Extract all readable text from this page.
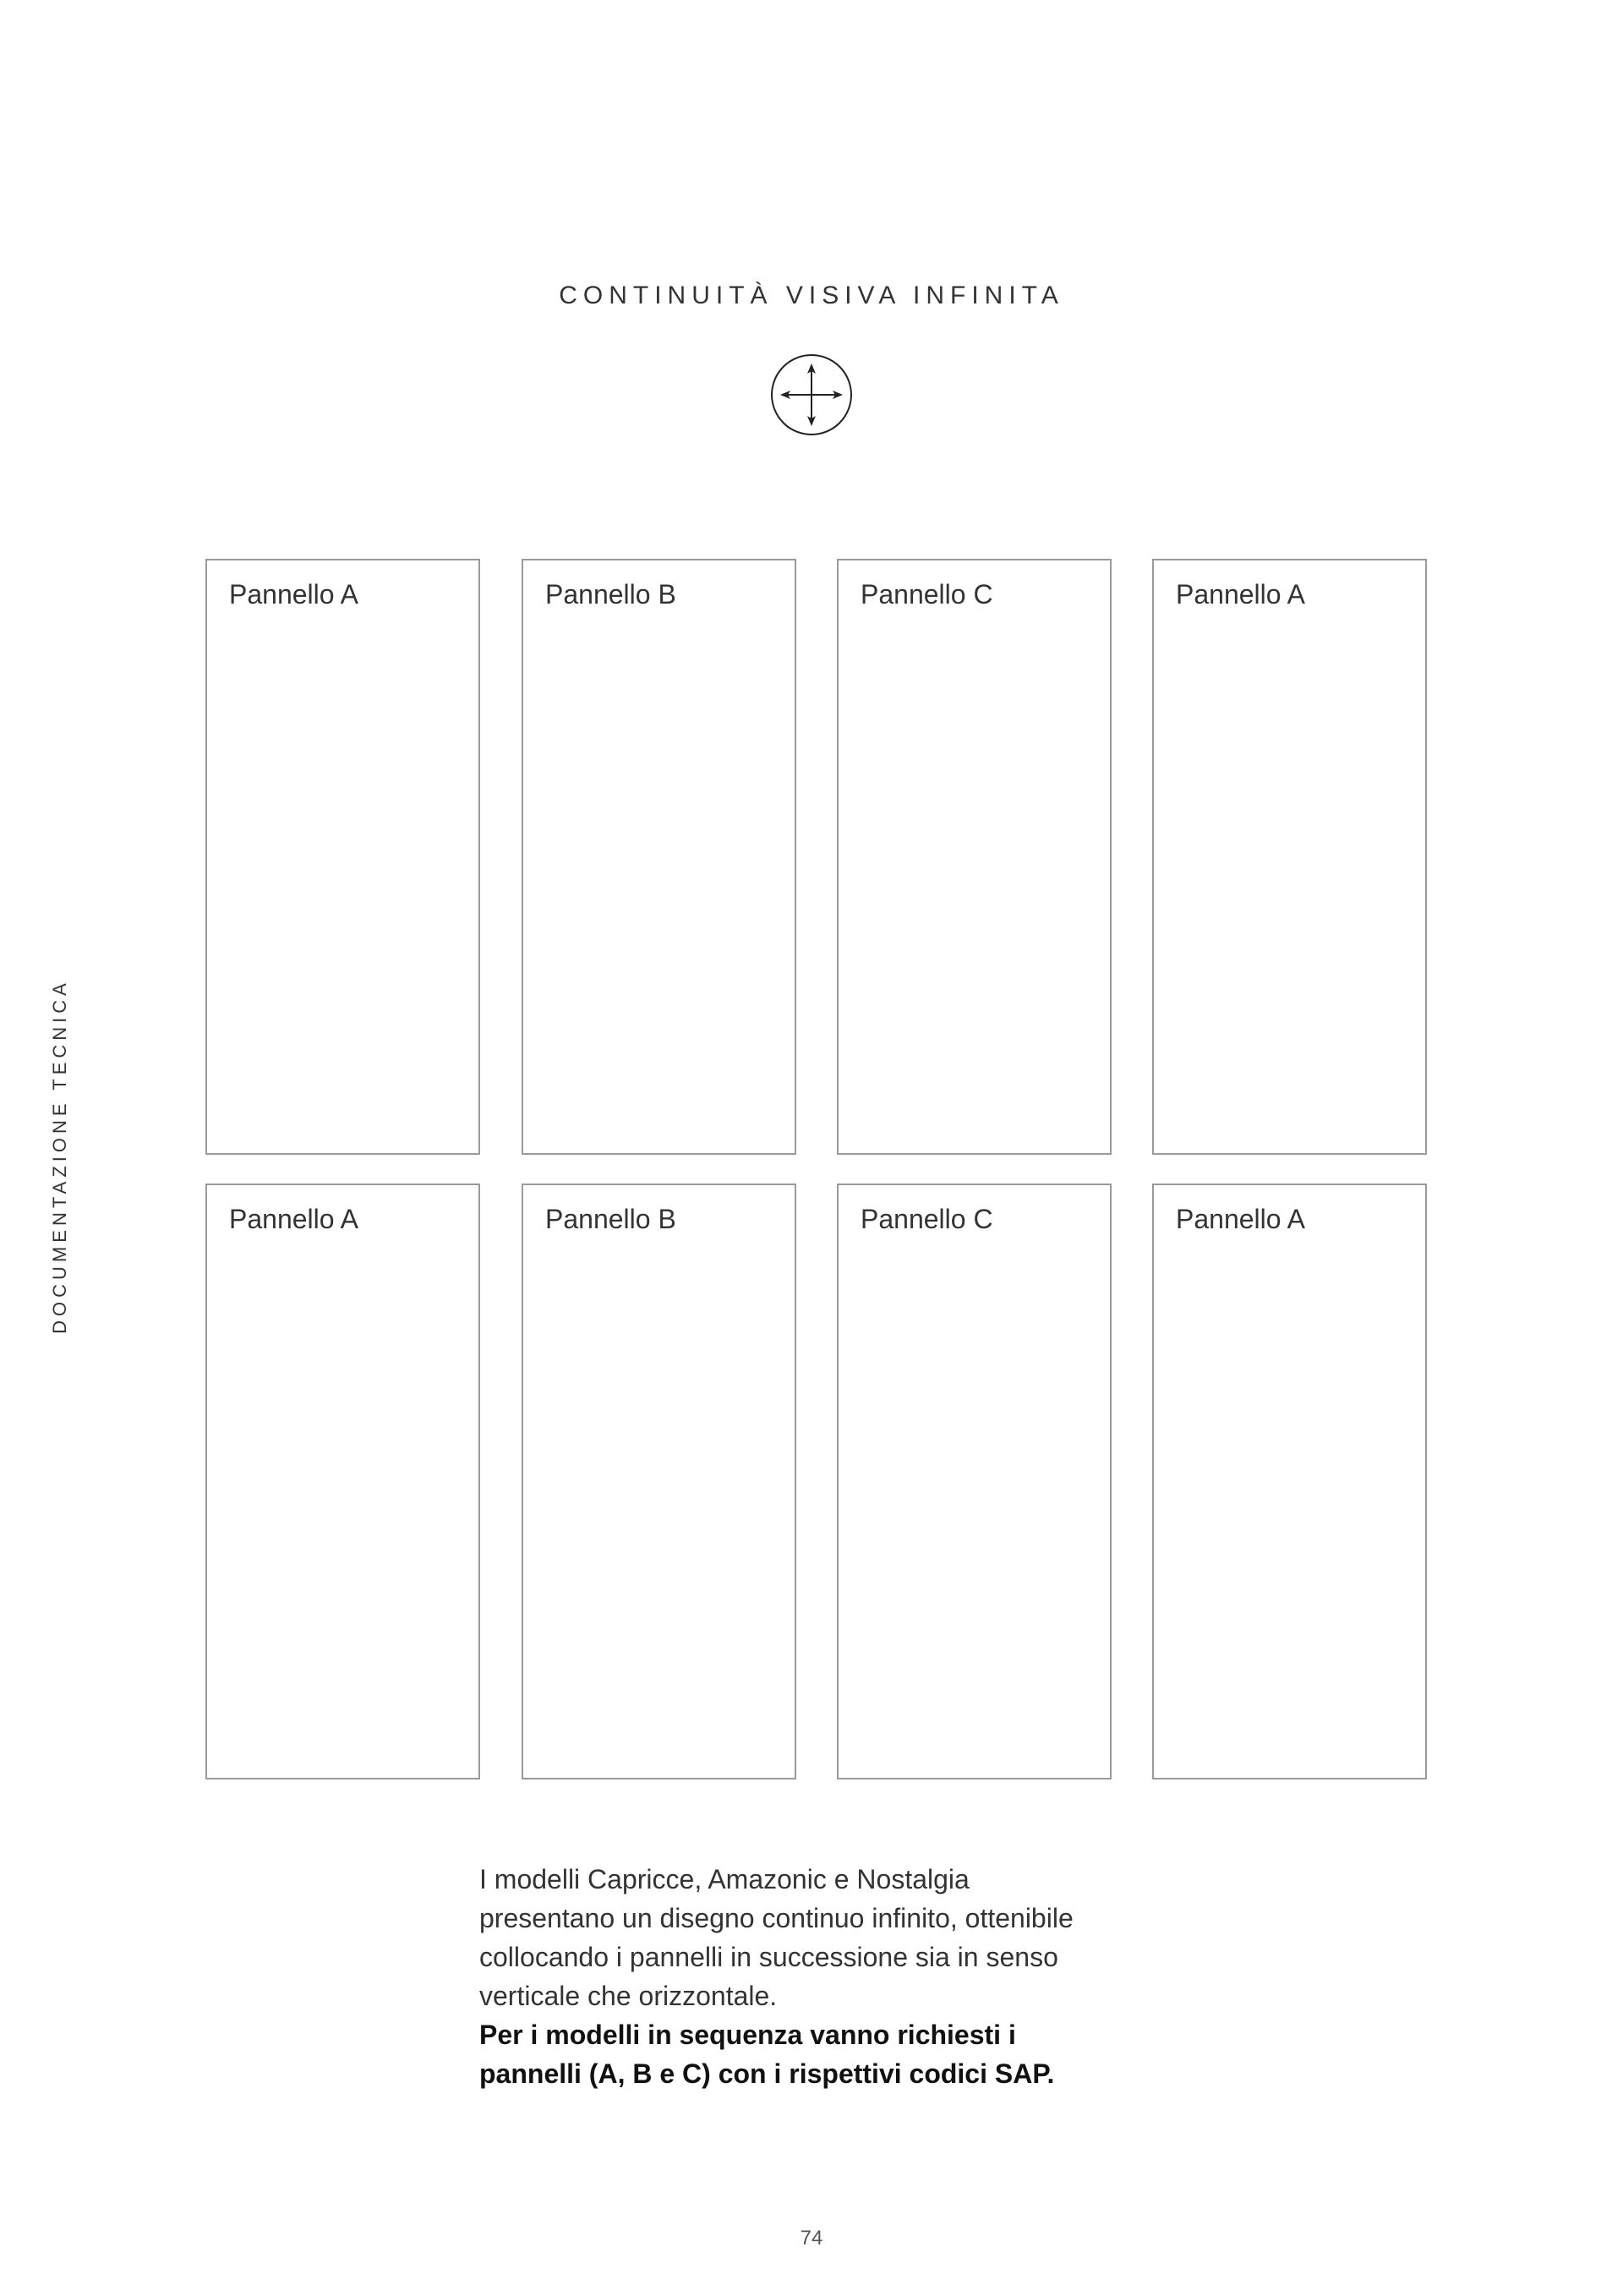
CONTINUITÀ VISIVA INFINITA
DOCUMENTAZIONE TECNICA
Pannello A	Pannello B	Pannello C	Pannello A
Pannello A	Pannello B	Pannello C	Pannello A
I modelli Capricce, Amazonic e Nostalgia
presentano un disegno continuo infinito, ottenibile
collocando i pannelli in successione sia in senso
verticale che orizzontale.
Per i modelli in sequenza vanno richiesti i
pannelli (A, B e C) con i rispettivi codici SAP.
74
